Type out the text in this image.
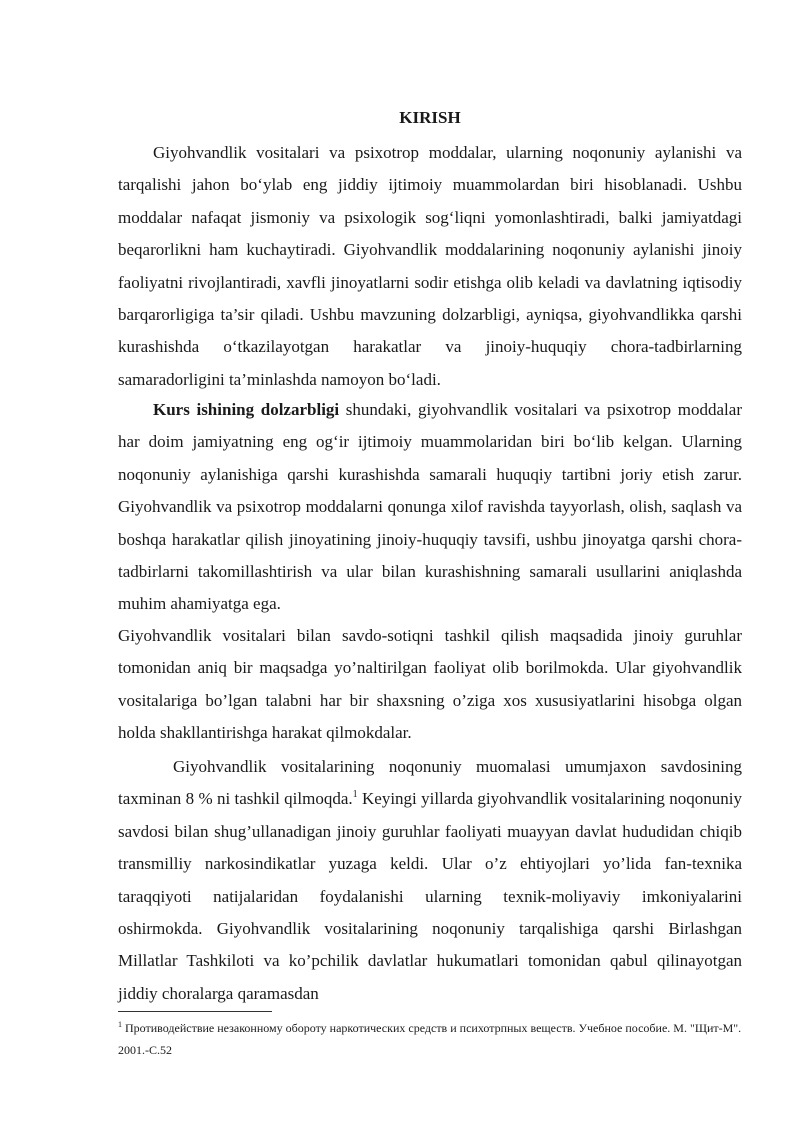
KIRISH

Giyohvandlik vositalari va psixotrop moddalar, ularning noqonuniy aylanishi va tarqalishi jahon bo‘ylab eng jiddiy ijtimoiy muammolardan biri hisoblanadi. Ushbu moddalar nafaqat jismoniy va psixologik sog‘liqni yomonlashtiradi, balki jamiyatdagi beqarorlikni ham kuchaytiradi. Giyohvandlik moddalarining noqonuniy aylanishi jinoiy faoliyatni rivojlantiradi, xavfli jinoyatlarni sodir etishga olib keladi va davlatning iqtisodiy barqarorligiga ta’sir qiladi. Ushbu mavzuning dolzarbligi, ayniqsa, giyohvandlikka qarshi kurashishda o‘tkazilayotgan harakatlar va jinoiy-huquqiy chora-tadbirlarning samaradorligini ta’minlashda namoyon bo‘ladi.

Kurs ishining dolzarbligi shundaki, giyohvandlik vositalari va psixotrop moddalar har doim jamiyatning eng og‘ir ijtimoiy muammolaridan biri bo‘lib kelgan. Ularning noqonuniy aylanishiga qarshi kurashishda samarali huquqiy tartibni joriy etish zarur. Giyohvandlik va psixotrop moddalarni qonunga xilof ravishda tayyorlash, olish, saqlash va boshqa harakatlar qilish jinoyatining jinoiy-huquqiy tavsifi, ushbu jinoyatga qarshi chora-tadbirlarni takomillashtirish va ular bilan kurashishning samarali usullarini aniqlashda muhim ahamiyatga ega.

Giyohvandlik vositalari bilan savdo-sotiqni tashkil qilish maqsadida jinoiy guruhlar tomonidan aniq bir maqsadga yo’naltirilgan faoliyat olib borilmokda. Ular giyohvandlik vositalariga bo’lgan talabni har bir shaxsning o’ziga xos xususiyatlarini hisobga olgan holda shakllantirishga harakat qilmokdalar.

Giyohvandlik vositalarining noqonuniy muomalasi umumjaxon savdosining taxminan 8 % ni tashkil qilmoqda.$^1$ Keyingi yillarda giyohvandlik vositalarining noqonuniy savdosi bilan shug’ullanadigan jinoiy guruhlar faoliyati muayyan davlat hududidan chiqib transmilliy narkosindikatlar yuzaga keldi. Ular o’z ehtiyojlari yo’lida fan-texnika taraqqiyoti natijalaridan foydalanishi ularning texnik-moliyaviy imkoniyalarini oshirmokda. Giyohvandlik vositalarining noqonuniy tarqalishiga qarshi Birlashgan Millatlar Tashkiloti va ko’pchilik davlatlar hukumatlari tomonidan qabul qilinayotgan jiddiy choralarga qaramasdan

$^1$ Противодействие незаконному обороту наркотических средств и психотрпных веществ. Учебное пособие. М. "Щит-М". 2001.-С.52
